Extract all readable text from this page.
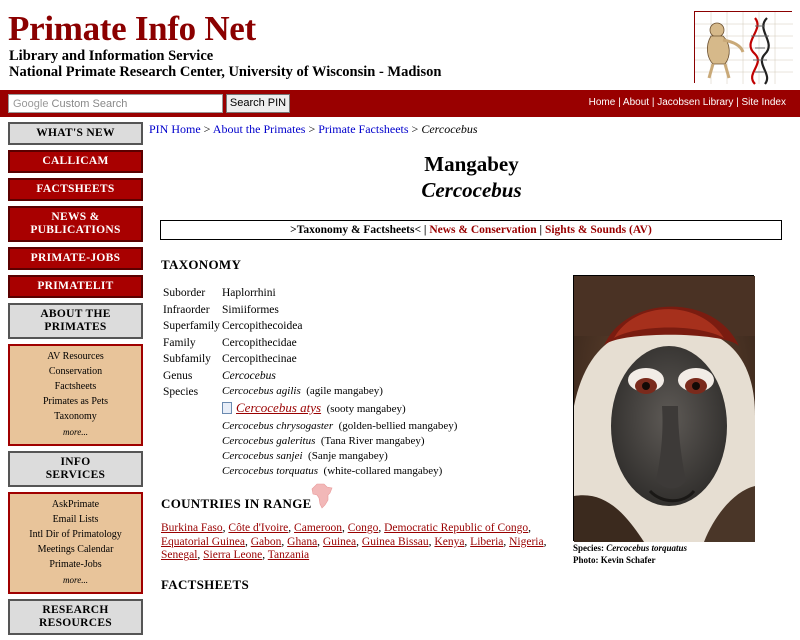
Primate Info Net
Library and Information Service
National Primate Research Center, University of Wisconsin - Madison
Google Custom Search	Search PIN	Home | About | Jacobsen Library | Site Index
WHAT'S NEW
CALLICAM
FACTSHEETS
NEWS &
PUBLICATIONS
PRIMATE-JOBS
PRIMATELIT
ABOUT THE
PRIMATES
AV Resources
Conservation
Factsheets
Primates as Pets
Taxonomy
more...
INFO
SERVICES
AskPrimate
Email Lists
Intl Dir of Primatology
Meetings Calendar
Primate-Jobs
more...
RESEARCH
RESOURCES
PIN Home > About the Primates > Primate Factsheets > Cercocebus
Mangabey
Cercocebus
>Taxonomy & Factsheets< | News & Conservation | Sights & Sounds (AV)
TAXONOMY
Suborder Haplorrhini
Infraorder Simiiformes
Superfamily Cercopithecoidea
Family Cercopithecidae
Subfamily Cercopithecinae
Genus	Cercocebus
Species	Cercocebus agilis (agile mangabey)
Cercocebus atys (sooty mangabey)
Cercocebus chrysogaster (golden-bellied mangabey)
Cercocebus galeritus (Tana River mangabey)
Cercocebus sanjei (Sanje mangabey)
Cercocebus torquatus (white-collared mangabey)
COUNTRIES IN RANGE
Burkina Faso, Côte d'Ivoire, Cameroon, Congo, Democratic Republic of Congo, Equatorial Guinea, Gabon, Ghana, Guinea, Guinea Bissau, Kenya, Liberia, Nigeria, Senegal, Sierra Leone, Tanzania
FACTSHEETS
Species: Cercocebus torquatus
Photo: Kevin Schafer
